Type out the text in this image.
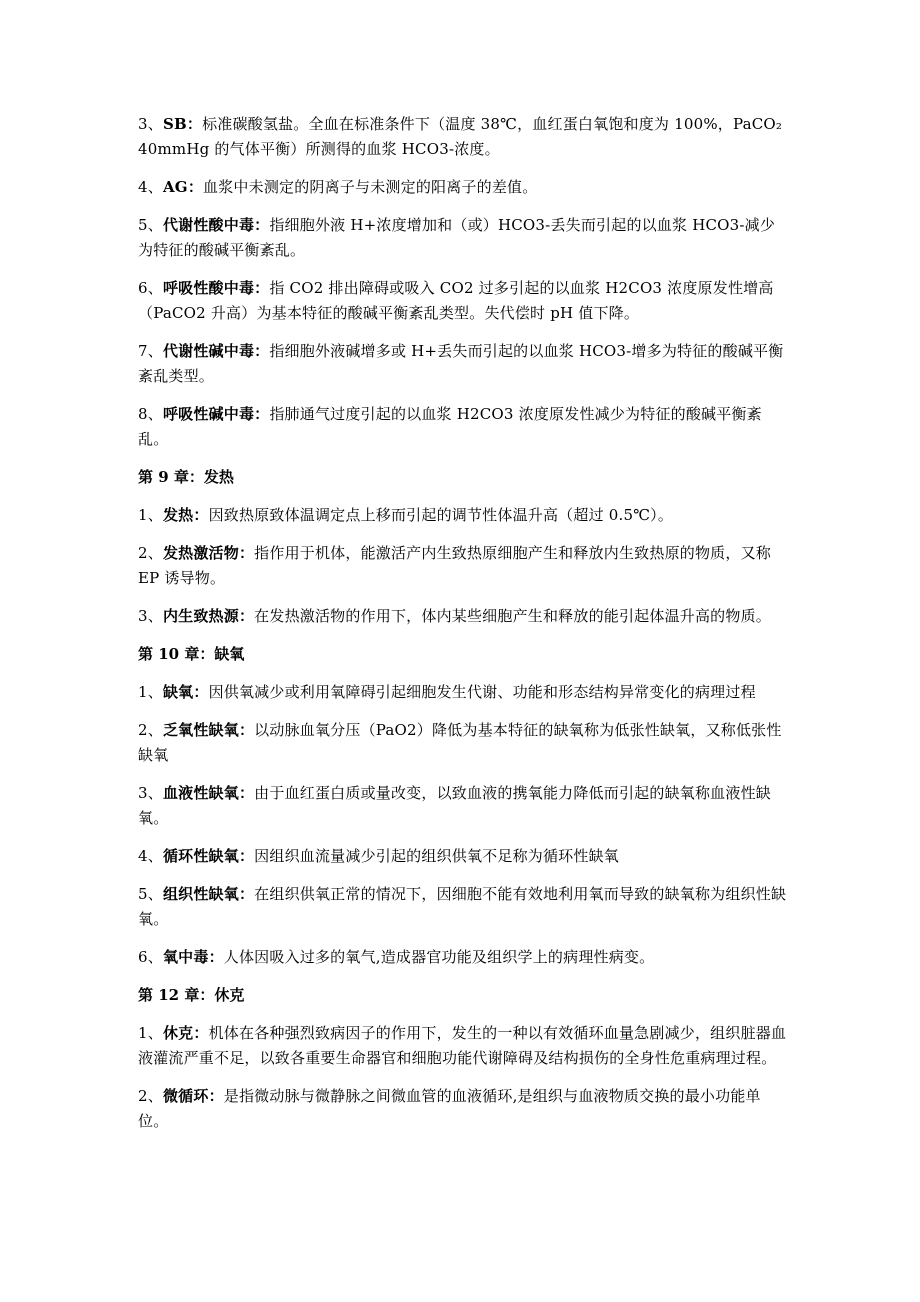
3、SB：标准碳酸氢盐。全血在标准条件下（温度 38℃，血红蛋白氧饱和度为 100%，PaCO₂　40mmHg 的气体平衡）所测得的血浆 HCO3-浓度。
4、AG：血浆中未测定的阴离子与未测定的阳离子的差值。
5、代谢性酸中毒：指细胞外液 H+浓度增加和（或）HCO3-丢失而引起的以血浆 HCO3-减少为特征的酸碱平衡紊乱。
6、呼吸性酸中毒：指 CO2 排出障碍或吸入 CO2 过多引起的以血浆 H2CO3 浓度原发性增高（PaCO2 升高）为基本特征的酸碱平衡紊乱类型。失代偿时 pH 值下降。
7、代谢性碱中毒：指细胞外液碱增多或 H+丢失而引起的以血浆 HCO3-增多为特征的酸碱平衡紊乱类型。
8、呼吸性碱中毒：指肺通气过度引起的以血浆 H2CO3 浓度原发性减少为特征的酸碱平衡紊乱。
第 9 章：发热
1、发热：因致热原致体温调定点上移而引起的调节性体温升高（超过 0.5℃）。
2、发热激活物：指作用于机体，能激活产内生致热原细胞产生和释放内生致热原的物质，又称 EP 诱导物。
3、内生致热源：在发热激活物的作用下，体内某些细胞产生和释放的能引起体温升高的物质。
第 10 章：缺氧
1、缺氧：因供氧减少或利用氧障碍引起细胞发生代谢、功能和形态结构异常变化的病理过程
2、乏氧性缺氧：以动脉血氧分压（PaO2）降低为基本特征的缺氧称为低张性缺氧，又称低张性缺氧
3、血液性缺氧：由于血红蛋白质或量改变，以致血液的携氧能力降低而引起的缺氧称血液性缺氧。
4、循环性缺氧：因组织血流量减少引起的组织供氧不足称为循环性缺氧
5、组织性缺氧：在组织供氧正常的情况下，因细胞不能有效地利用氧而导致的缺氧称为组织性缺氧。
6、氧中毒：人体因吸入过多的氧气,造成器官功能及组织学上的病理性病变。
第 12 章：休克
1、休克：机体在各种强烈致病因子的作用下，发生的一种以有效循环血量急剧减少，组织脏器血液灌流严重不足，以致各重要生命器官和细胞功能代谢障碍及结构损伤的全身性危重病理过程。
2、微循环：是指微动脉与微静脉之间微血管的血液循环,是组织与血液物质交换的最小功能单位。
